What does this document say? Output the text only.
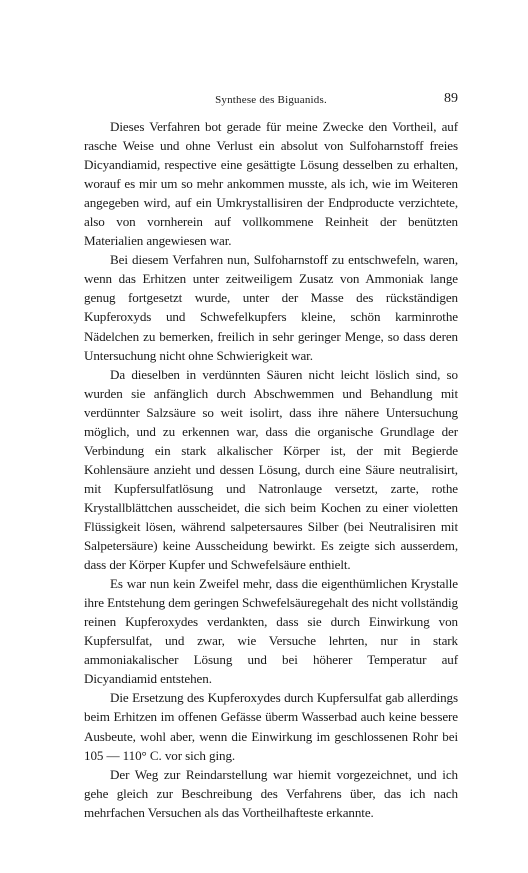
Synthese des Biguanids.	89

Dieses Verfahren bot gerade für meine Zwecke den Vortheil, auf rasche Weise und ohne Verlust ein absolut von Sulfoharnstoff freies Dicyandiamid, respective eine gesättigte Lösung desselben zu erhalten, worauf es mir um so mehr ankommen musste, als ich, wie im Weiteren angegeben wird, auf ein Umkrystallisiren der Endproducte verzichtete, also von vornherein auf vollkommene Reinheit der benützten Materialien angewiesen war.

Bei diesem Verfahren nun, Sulfoharnstoff zu entschwefeln, waren, wenn das Erhitzen unter zeitweiligem Zusatz von Ammoniak lange genug fortgesetzt wurde, unter der Masse des rückständigen Kupferoxyds und Schwefelkupfers kleine, schön karminrothe Nädelchen zu bemerken, freilich in sehr geringer Menge, so dass deren Untersuchung nicht ohne Schwierigkeit war.

Da dieselben in verdünnten Säuren nicht leicht löslich sind, so wurden sie anfänglich durch Abschwemmen und Behandlung mit verdünnter Salzsäure so weit isolirt, dass ihre nähere Untersuchung möglich, und zu erkennen war, dass die organische Grundlage der Verbindung ein stark alkalischer Körper ist, der mit Begierde Kohlensäure anzieht und dessen Lösung, durch eine Säure neutralisirt, mit Kupfersulfatlösung und Natronlauge versetzt, zarte, rothe Krystallblättchen ausscheidet, die sich beim Kochen zu einer violetten Flüssigkeit lösen, während salpetersaures Silber (bei Neutralisiren mit Salpetersäure) keine Ausscheidung bewirkt. Es zeigte sich ausserdem, dass der Körper Kupfer und Schwefelsäure enthielt.

Es war nun kein Zweifel mehr, dass die eigenthümlichen Krystalle ihre Entstehung dem geringen Schwefelsäuregehalt des nicht vollständig reinen Kupferoxydes verdankten, dass sie durch Einwirkung von Kupfersulfat, und zwar, wie Versuche lehrten, nur in stark ammoniakalischer Lösung und bei höherer Temperatur auf Dicyandiamid entstehen.

Die Ersetzung des Kupferoxydes durch Kupfersulfat gab allerdings beim Erhitzen im offenen Gefässe überm Wasserbad auch keine bessere Ausbeute, wohl aber, wenn die Einwirkung im geschlossenen Rohr bei 105 — 110° C. vor sich ging.

Der Weg zur Reindarstellung war hiemit vorgezeichnet, und ich gehe gleich zur Beschreibung des Verfahrens über, das ich nach mehrfachen Versuchen als das Vortheilhafteste erkannte.
